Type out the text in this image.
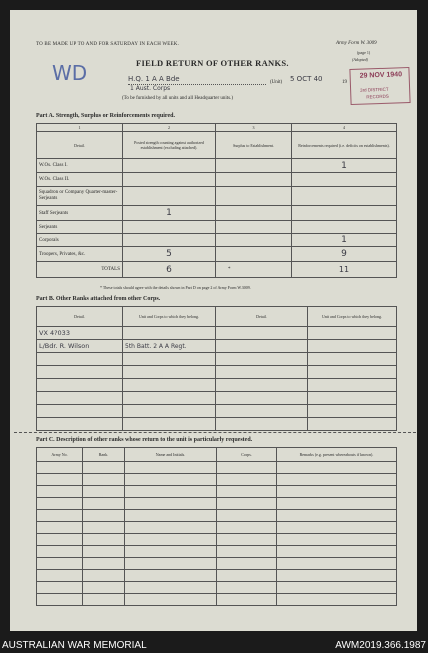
TO BE MADE UP TO AND FOR SATURDAY IN EACH WEEK.	Army Form W. 3009
(page 1)
(Adopted)
FIELD RETURN OF OTHER RANKS.
WD	H.Q. 1 A A Bde
1 Aust. Corps
(Unit) 5 OCT 40	19
(To be furnished by all units and all Headquarter units.)
29 NOV 1940
3rd DISTRICT
RECORDS
Part A. Strength, Surplus or Reinforcements required.
1	2	3	4
Detail.	Posted strength counting against authorized establishment (excluding attached).	Surplus to Establishment.	Reinforcements required (i.e. deficits on establishments).
W.Os. Class I.			1
W.Os. Class II.			
Squadron or Company Quarter-master-Serjeants			
Staff Serjeants	1		
Serjeants			
Corporals			1
Troopers, Privates, &c.	5		9
TOTALS	6	*	11
* These totals should agree with the details shown in Part D on page 2 of Army Form W.3009.
Part B. Other Ranks attached from other Corps.
Detail.	Unit and Corps to which they belong.	Detail.	Unit and Corps to which they belong.
VX 4?033			
L/Bdr. R. Wilson	5th Batt. 2 A A Regt.		

Part C. Description of other ranks whose return to the unit is particularly requested.
Army No.	Rank.	Name and Initials.	Corps.	Remarks (e.g. present whereabouts if known).

AUSTRALIAN WAR MEMORIAL	AWM2019.366.1987
